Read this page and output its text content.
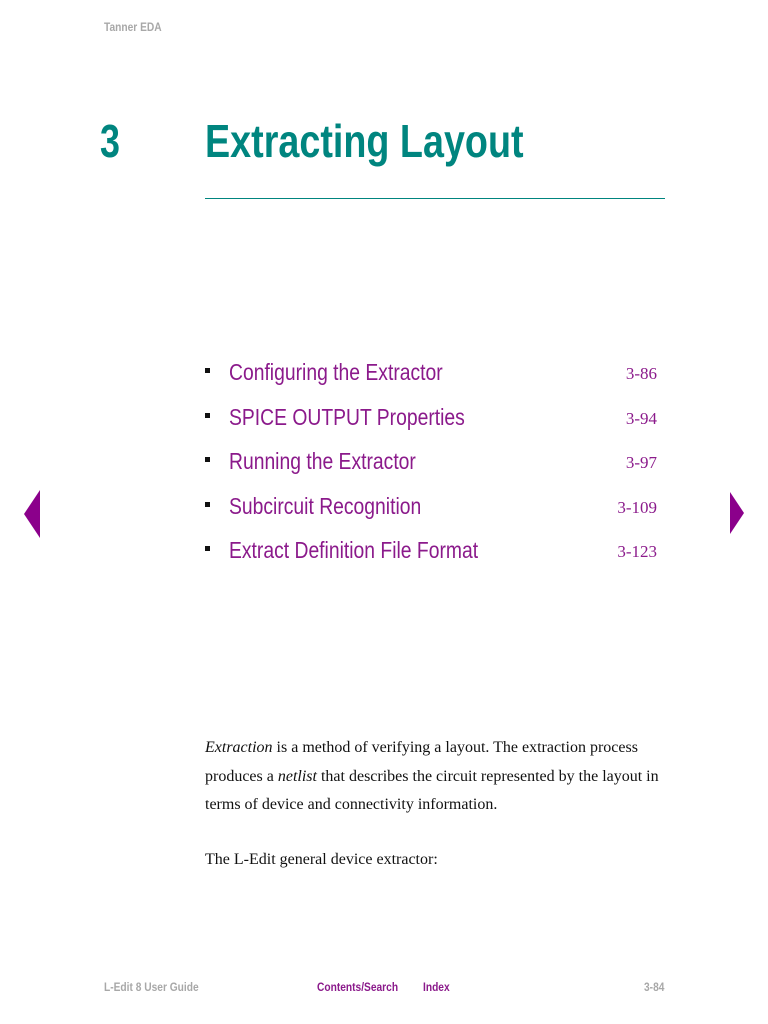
Tanner EDA
3 Extracting Layout
Configuring the Extractor	3-86
SPICE OUTPUT Properties	3-94
Running the Extractor	3-97
Subcircuit Recognition	3-109
Extract Definition File Format	3-123
Extraction is a method of verifying a layout. The extraction process produces a netlist that describes the circuit represented by the layout in terms of device and connectivity information.
The L-Edit general device extractor:
L-Edit 8 User Guide	Contents/Search Index	3-84
